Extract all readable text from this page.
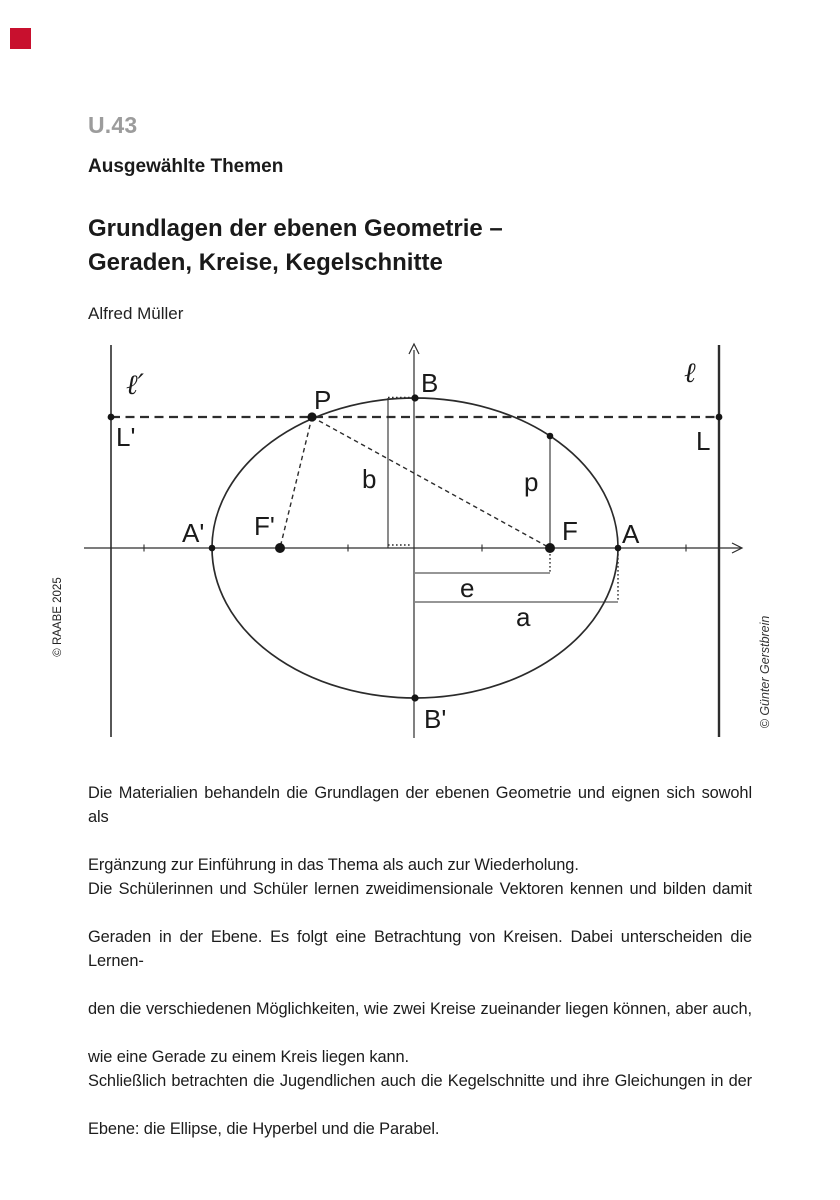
U.43
Ausgewählte Themen
Grundlagen der ebenen Geometrie –
Geraden, Kreise, Kegelschnitte
Alfred Müller
© RAABE 2025	© Günter Gerstbrein
ℓ′	ℓ
L'	L
P
B
B'
A
A'	F
F'
b	p
e
a
Die Materialien behandeln die Grundlagen der ebenen Geometrie und eignen sich sowohl als
Ergänzung zur Einführung in das Thema als auch zur Wiederholung.
Die Schülerinnen und Schüler lernen zweidimensionale Vektoren kennen und bilden damit
Geraden in der Ebene. Es folgt eine Betrachtung von Kreisen. Dabei unterscheiden die Lernen-
den die verschiedenen Möglichkeiten, wie zwei Kreise zueinander liegen können, aber auch,
wie eine Gerade zu einem Kreis liegen kann.
Schließlich betrachten die Jugendlichen auch die Kegelschnitte und ihre Gleichungen in der
Ebene: die Ellipse, die Hyperbel und die Parabel.
